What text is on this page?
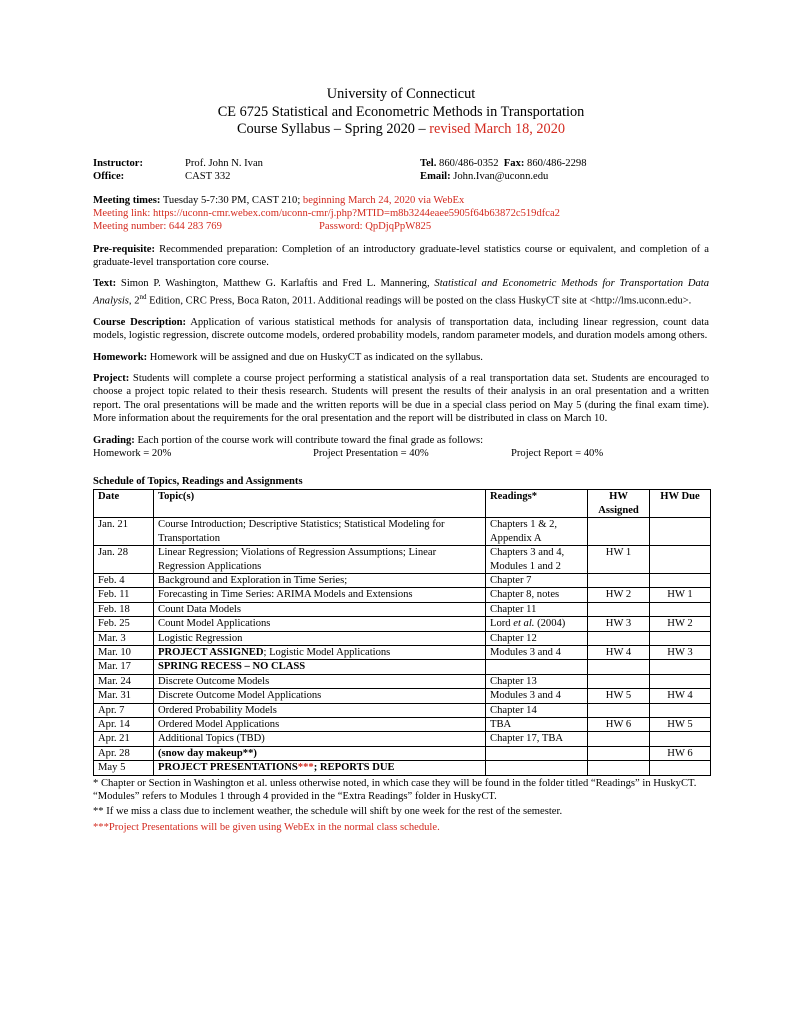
University of Connecticut
CE 6725 Statistical and Econometric Methods in Transportation
Course Syllabus – Spring 2020 – revised March 18, 2020
Instructor:	Prof. John N. Ivan
Office:	CAST 332
Tel. 860/486-0352 Fax: 860/486-2298
Email: John.Ivan@uconn.edu
Meeting times: Tuesday 5-7:30 PM, CAST 210; beginning March 24, 2020 via WebEx
Meeting link: https://uconn-cmr.webex.com/uconn-cmr/j.php?MTID=m8b3244eaee5905f64b63872c519dfca2
Meeting number: 644 283 769	Password: QpDjqPpW825

Pre-requisite: Recommended preparation: Completion of an introductory graduate-level statistics course or equivalent, and completion of a graduate-level transportation core course.

Text: Simon P. Washington, Matthew G. Karlaftis and Fred L. Mannering, Statistical and Econometric Methods for Transportation Data Analysis, 2nd Edition, CRC Press, Boca Raton, 2011. Additional readings will be posted on the class HuskyCT site at <http://lms.uconn.edu>.

Course Description: Application of various statistical methods for analysis of transportation data, including linear regression, count data models, logistic regression, discrete outcome models, ordered probability models, random parameter models, and duration models among others.

Homework: Homework will be assigned and due on HuskyCT as indicated on the syllabus.

Project: Students will complete a course project performing a statistical analysis of a real transportation data set. Students are encouraged to choose a project topic related to their thesis research. Students will present the results of their analysis in an oral presentation and a written report. The oral presentations will be made and the written reports will be due in a special class period on May 5 (during the final exam time). More information about the requirements for the oral presentation and the report will be distributed in class on March 10.

Grading: Each portion of the course work will contribute toward the final grade as follows:

Homework = 20%	Project Presentation = 40%	Project Report = 40%
Schedule of Topics, Readings and Assignments
Date	Topic(s)	Readings*	HW Assigned	HW Due
Jan. 21	Course Introduction; Descriptive Statistics; Statistical Modeling for Transportation	Chapters 1 & 2, Appendix A		
Jan. 28	Linear Regression; Violations of Regression Assumptions; Linear Regression Applications	Chapters 3 and 4, Modules 1 and 2	HW 1	
Feb. 4	Background and Exploration in Time Series;	Chapter 7		
Feb. 11	Forecasting in Time Series: ARIMA Models and Extensions	Chapter 8, notes	HW 2	HW 1
Feb. 18	Count Data Models	Chapter 11		
Feb. 25	Count Model Applications	Lord et al. (2004)	HW 3	HW 2
Mar. 3	Logistic Regression	Chapter 12		
Mar. 10	PROJECT ASSIGNED; Logistic Model Applications	Modules 3 and 4	HW 4	HW 3
Mar. 17	SPRING RECESS – NO CLASS			
Mar. 24	Discrete Outcome Models	Chapter 13		
Mar. 31	Discrete Outcome Model Applications	Modules 3 and 4	HW 5	HW 4
Apr. 7	Ordered Probability Models	Chapter 14		
Apr. 14	Ordered Model Applications	TBA	HW 6	HW 5
Apr. 21	Additional Topics (TBD)	Chapter 17, TBA		
Apr. 28	(snow day makeup**)			HW 6
May 5	PROJECT PRESENTATIONS***; REPORTS DUE			
* Chapter or Section in Washington et al. unless otherwise noted, in which case they will be found in the folder titled “Readings” in HuskyCT. “Modules” refers to Modules 1 through 4 provided in the “Extra Readings” folder in HuskyCT.
** If we miss a class due to inclement weather, the schedule will shift by one week for the rest of the semester.
***Project Presentations will be given using WebEx in the normal class schedule.
